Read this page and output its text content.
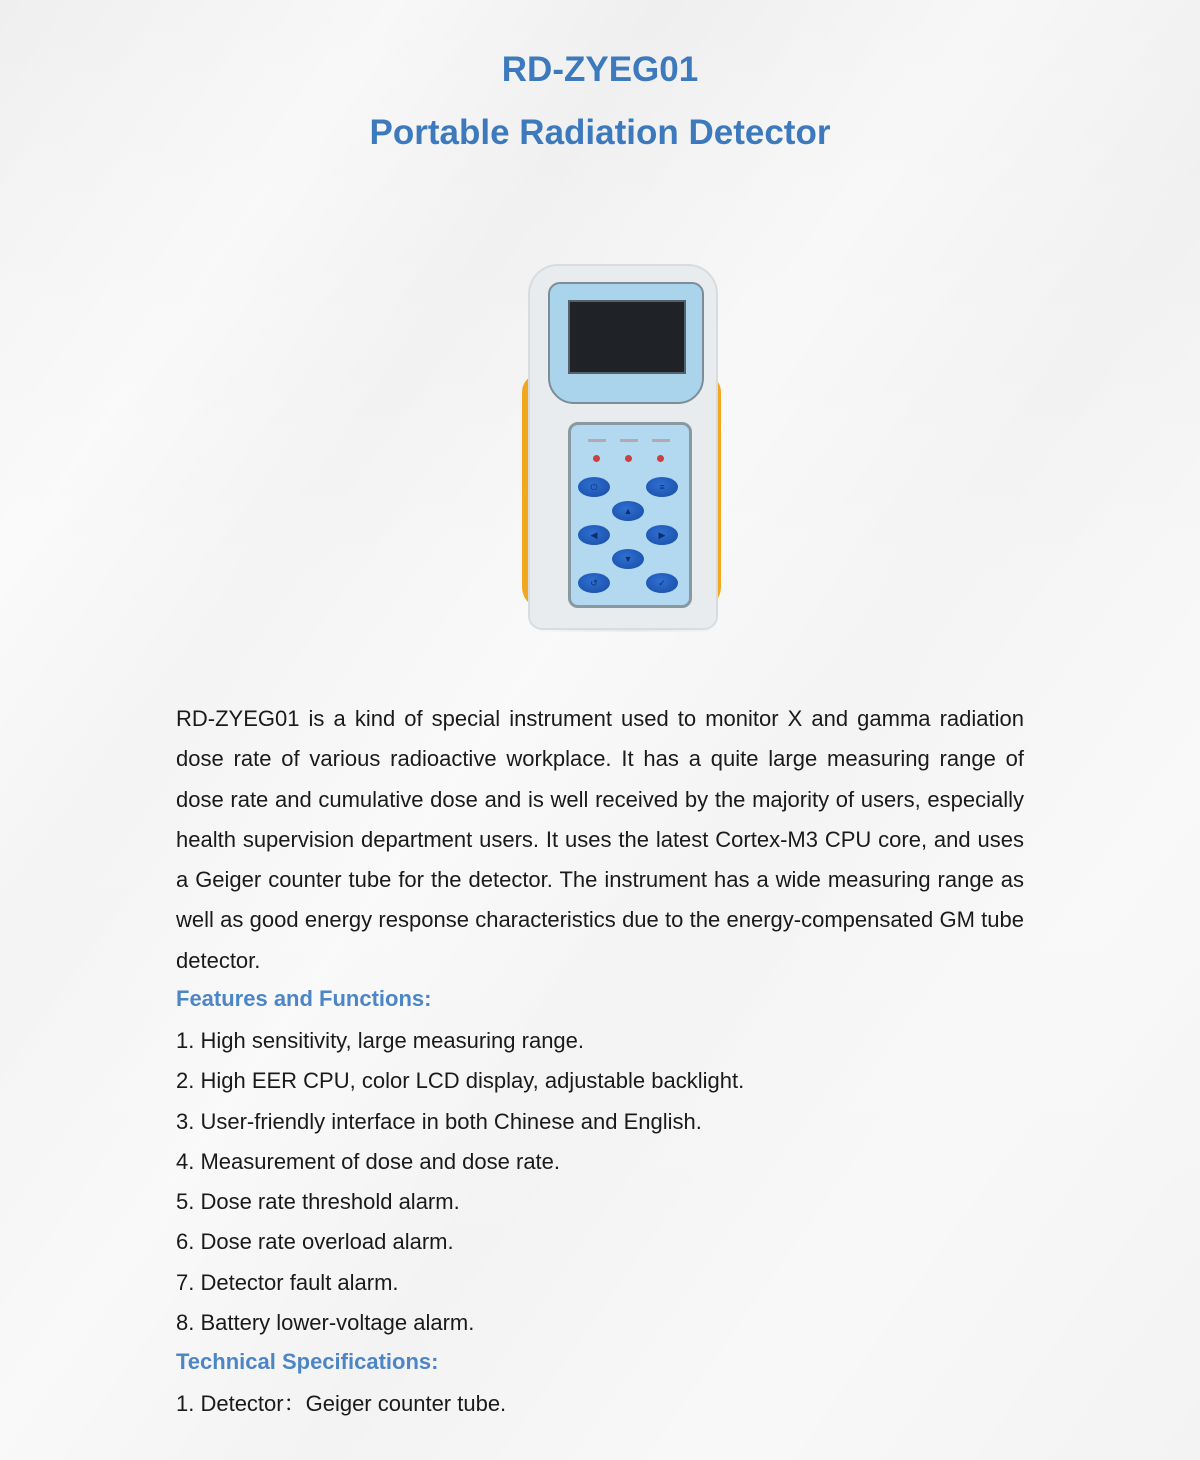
RD-ZYEG01
Portable Radiation Detector
⏻	≡
▲
◀	▶
▼
↺	✓

RD-ZYEG01 is a kind of special instrument used to monitor X and gamma radiation dose rate of various radioactive workplace. It has a quite large measuring range of dose rate and cumulative dose and is well received by the majority of users, especially health supervision department users. It uses the latest Cortex-M3 CPU core, and uses a Geiger counter tube for the detector. The instrument has a wide measuring range as well as good energy response characteristics due to the energy-compensated GM tube detector.

Features and Functions:
1. High sensitivity, large measuring range.
2. High EER CPU, color LCD display, adjustable backlight.
3. User-friendly interface in both Chinese and English.
4. Measurement of dose and dose rate.
5. Dose rate threshold alarm.
6. Dose rate overload alarm.
7. Detector fault alarm.
8. Battery lower-voltage alarm.
Technical Specifications:
1. Detector：Geiger counter tube.
